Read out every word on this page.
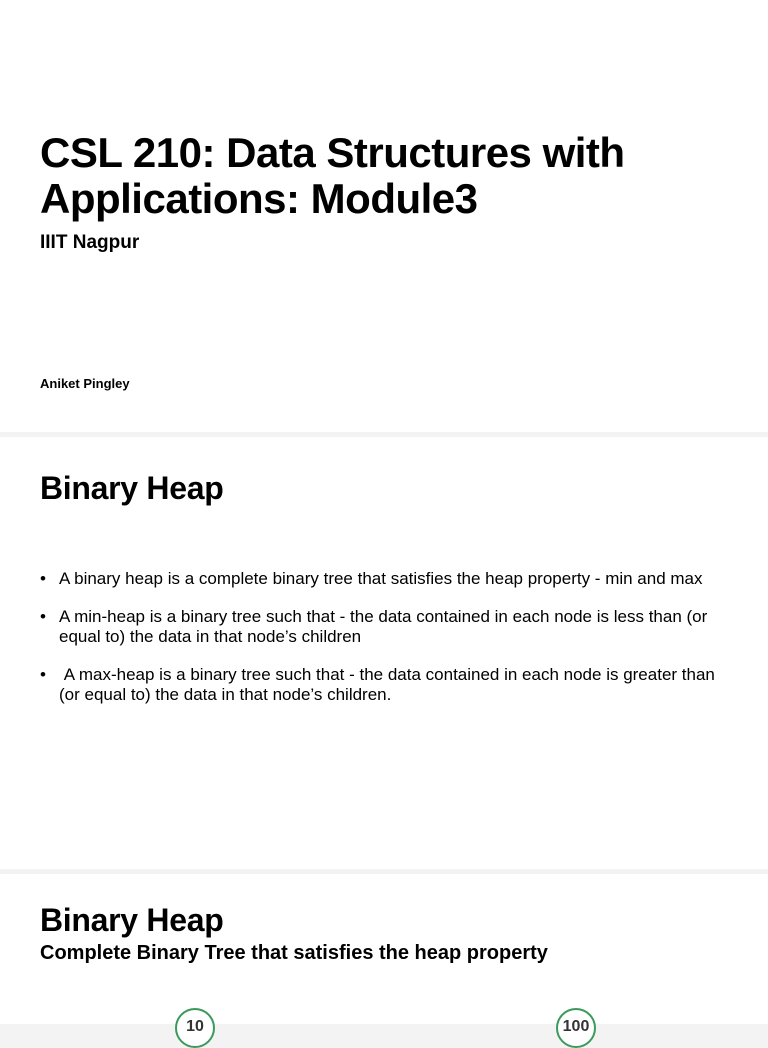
CSL 210: Data Structures with Applications: Module3
IIIT Nagpur
Aniket Pingley
Binary Heap
• A binary heap is a complete binary tree that satisfies the heap property - min and max
• A min-heap is a binary tree such that - the data contained in each node is less than (or equal to) the data in that node’s children
• A max-heap is a binary tree such that - the data contained in each node is greater than (or equal to) the data in that node’s children.
Binary Heap
Complete Binary Tree that satisfies the heap property
10	100
